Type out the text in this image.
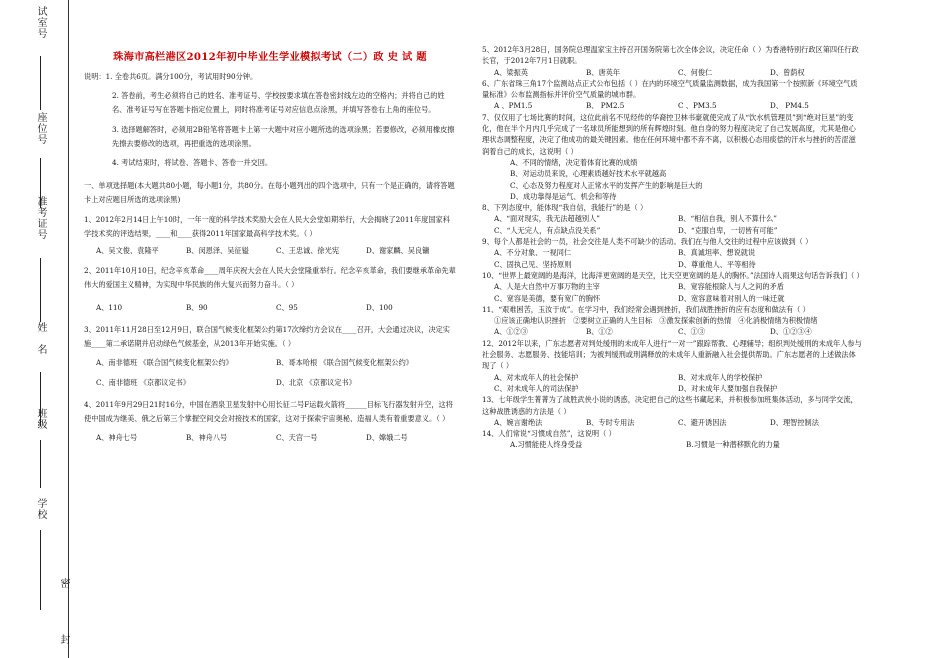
试室号
座位号
准考证号
姓　名
班级
学校
密
封

珠海市高栏港区2012年初中毕业生学业模拟考试（二）政 史 试 题

说明：1. 全卷共6页。满分100分，考试用时90分钟。

2. 答卷前，考生必须将自己的姓名、准考证号、学校按要求填在答卷密封线左边的空格内；并将自己的姓名、准考证号写在答题卡指定位置上，同时将准考证号对应信息点涂黑，并填写答卷右上角的座位号。

3. 选择题解答时，必须用2B铅笔将答题卡上第一大题中对应小题所选的选项涂黑；若要修改，必须用橡皮擦先擦去要修改的选项，再把重选的选项涂黑。

4. 考试结束时，将试卷、答题卡、答卷一并交回。

一、单项选择题(本大题共80小题，每小题1分，共80分。在每小题列出的四个选项中，只有一个是正确的，请将答题卡上对应题目所选的选项涂黑)

1、2012年2月14日上午10时，一年一度的科学技术奖励大会在人民大会堂如期举行，大会揭晓了2011年度国家科学技术奖的评选结果，____和____获得2011年国家最高科学技术奖。（ ）

A、吴文俊、袁隆平	B、闵恩泽、吴征镒	C、王忠诚、徐光宪	D、谢家麟、吴良镛

2、2011年10月10日，纪念辛亥革命____周年庆祝大会在人民大会堂隆重举行。纪念辛亥革命，我们要继承革命先辈伟大的爱国主义精神，为实现中华民族的伟大复兴而努力奋斗。（ ）

A、110	B、90	C、95	D、100

3、2011年11月28日至12月9日，联合国气候变化框架公约第17次缔约方会议在____召开，大会通过决议，决定实施____第二承诺期并启动绿色气候基金，从2013年开始实施。（ ）

A、南非德班 《联合国气候变化框架公约》	B、哥本哈根 《联合国气候变化框架公约》
C、南非德班 《京都议定书》	D、北京 《京都议定书》

4、2011年9月29日21时16分，中国在酒泉卫星发射中心用长征二号F运载火箭将______目标飞行器发射升空，这将使中国成为继美、俄之后第三个掌握空间交会对接技术的国家，这对于探索宇宙奥秘、造福人类有着重要意义。（ ）

A、神舟七号	B、神舟八号	C、天宫一号	D、嫦娥二号

5、2012年3月28日，国务院总理温家宝主持召开国务院第七次全体会议，决定任命（ ）为香港特别行政区第四任行政长官，于2012年7月1日就职。

A、梁振英	B、唐英年	C、何俊仁	D、曾荫权

6、广东省珠三角17个监测站点正式公布包括（ ）在内的环境空气质量监测数据，成为我国第一个按照新《环境空气质量标准》公布监测指标并评价空气质量的城市群。

A 、PM1.5	B、 PM2.5	C 、PM3.5	D、 PM4.5

7、仅仅用了七场比赛的时间，这位此前名不见经传的华裔控卫林书豪就使完成了从“饮水机管理员”到“绝对巨星”的变化，他在半个月内几乎完成了一名球员所能想到的所有辉煌时刻。他自身的努力程度决定了自己发展高度，尤其是他心理状态调整程度，决定了他成功的最关键因素。他在任何环境中都不弃不离，以积极心态用痰偿的汗水与挫折的苦涩滋润着自己的成长，这说明（ ）

A、不同的情绪，决定着体育比赛的成绩

B、对运动员来说，心理素质越好技术水平就越高

C、心态及努力程度对人正常水平的发挥产生的影响是巨大的

D、成功靠得是运气、机会和等待

8、下列态度中，能体现“我自信，我能行”的是（ ）

A、“面对现实，我无法超越别人”	B、“相信自我，别人不算什么”
C、“人无完人，有点缺点没关系”	D、“克服自卑，一切皆有可能”

9、每个人都是社会的一员，社会交往是人类不可缺少的活动。我们在与他人交往的过程中应该做到（ ）

A、不分对象、一视同仁	B、真诚坦率、想说就说
C、固执己见、坚持原则	D、尊重他人、平等相待

10、“世界上最宽阔的是海洋，比海洋更宽阔的是天空，比天空更宽阔的是人的胸怀。”法国诗人雨果这句话告诉我们（ ）

A、人是大自然中万事万物的主宰	B、宽容能根除人与人之间的矛盾
C、宽容是美德，要有宽广的胸怀	D、宽容意味着对别人的一味迁就

11、“艰难困苦，玉汝于成”。在学习中，我们经常会遇到挫折，我们战胜挫折的应有态度和做法有（ ）

①应该正确地认识挫折　②要树立正确的人生目标　③激发探索创新的热情　④化消极情绪为积极情绪

A、①②③	B、①②	C、①③	D、①②③④

12、2012年以来，广东志愿者对判处缓刑的未成年人进行“一对一”跟踪帮教、心理辅导；组织判处缓刑的未成年人参与社会服务、志愿服务、技能培训；为被判缓刑或刑满释放的未成年人重新融入社会提供帮助。广东志愿者的上述做法体现了（ ）

A、对未成年人的社会保护	B、对未成年人的学校保护
C、对未成年人的司法保护	D、对未成年人要加强自我保护

13、七年级学生菁菁为了战胜武侠小说的诱惑，决定把自己的这些书藏起来，并积极参加班集体活动，多与同学交流，这种战胜诱惑的方法是（ ）

A、婉言谢绝法	B、专时专用法	C、避开诱因法	D、理智控制法

14、人们常说“习惯成自然”，这说明（ ）

A.习惯能使人终身受益	B.习惯是一种潜移默化的力量
